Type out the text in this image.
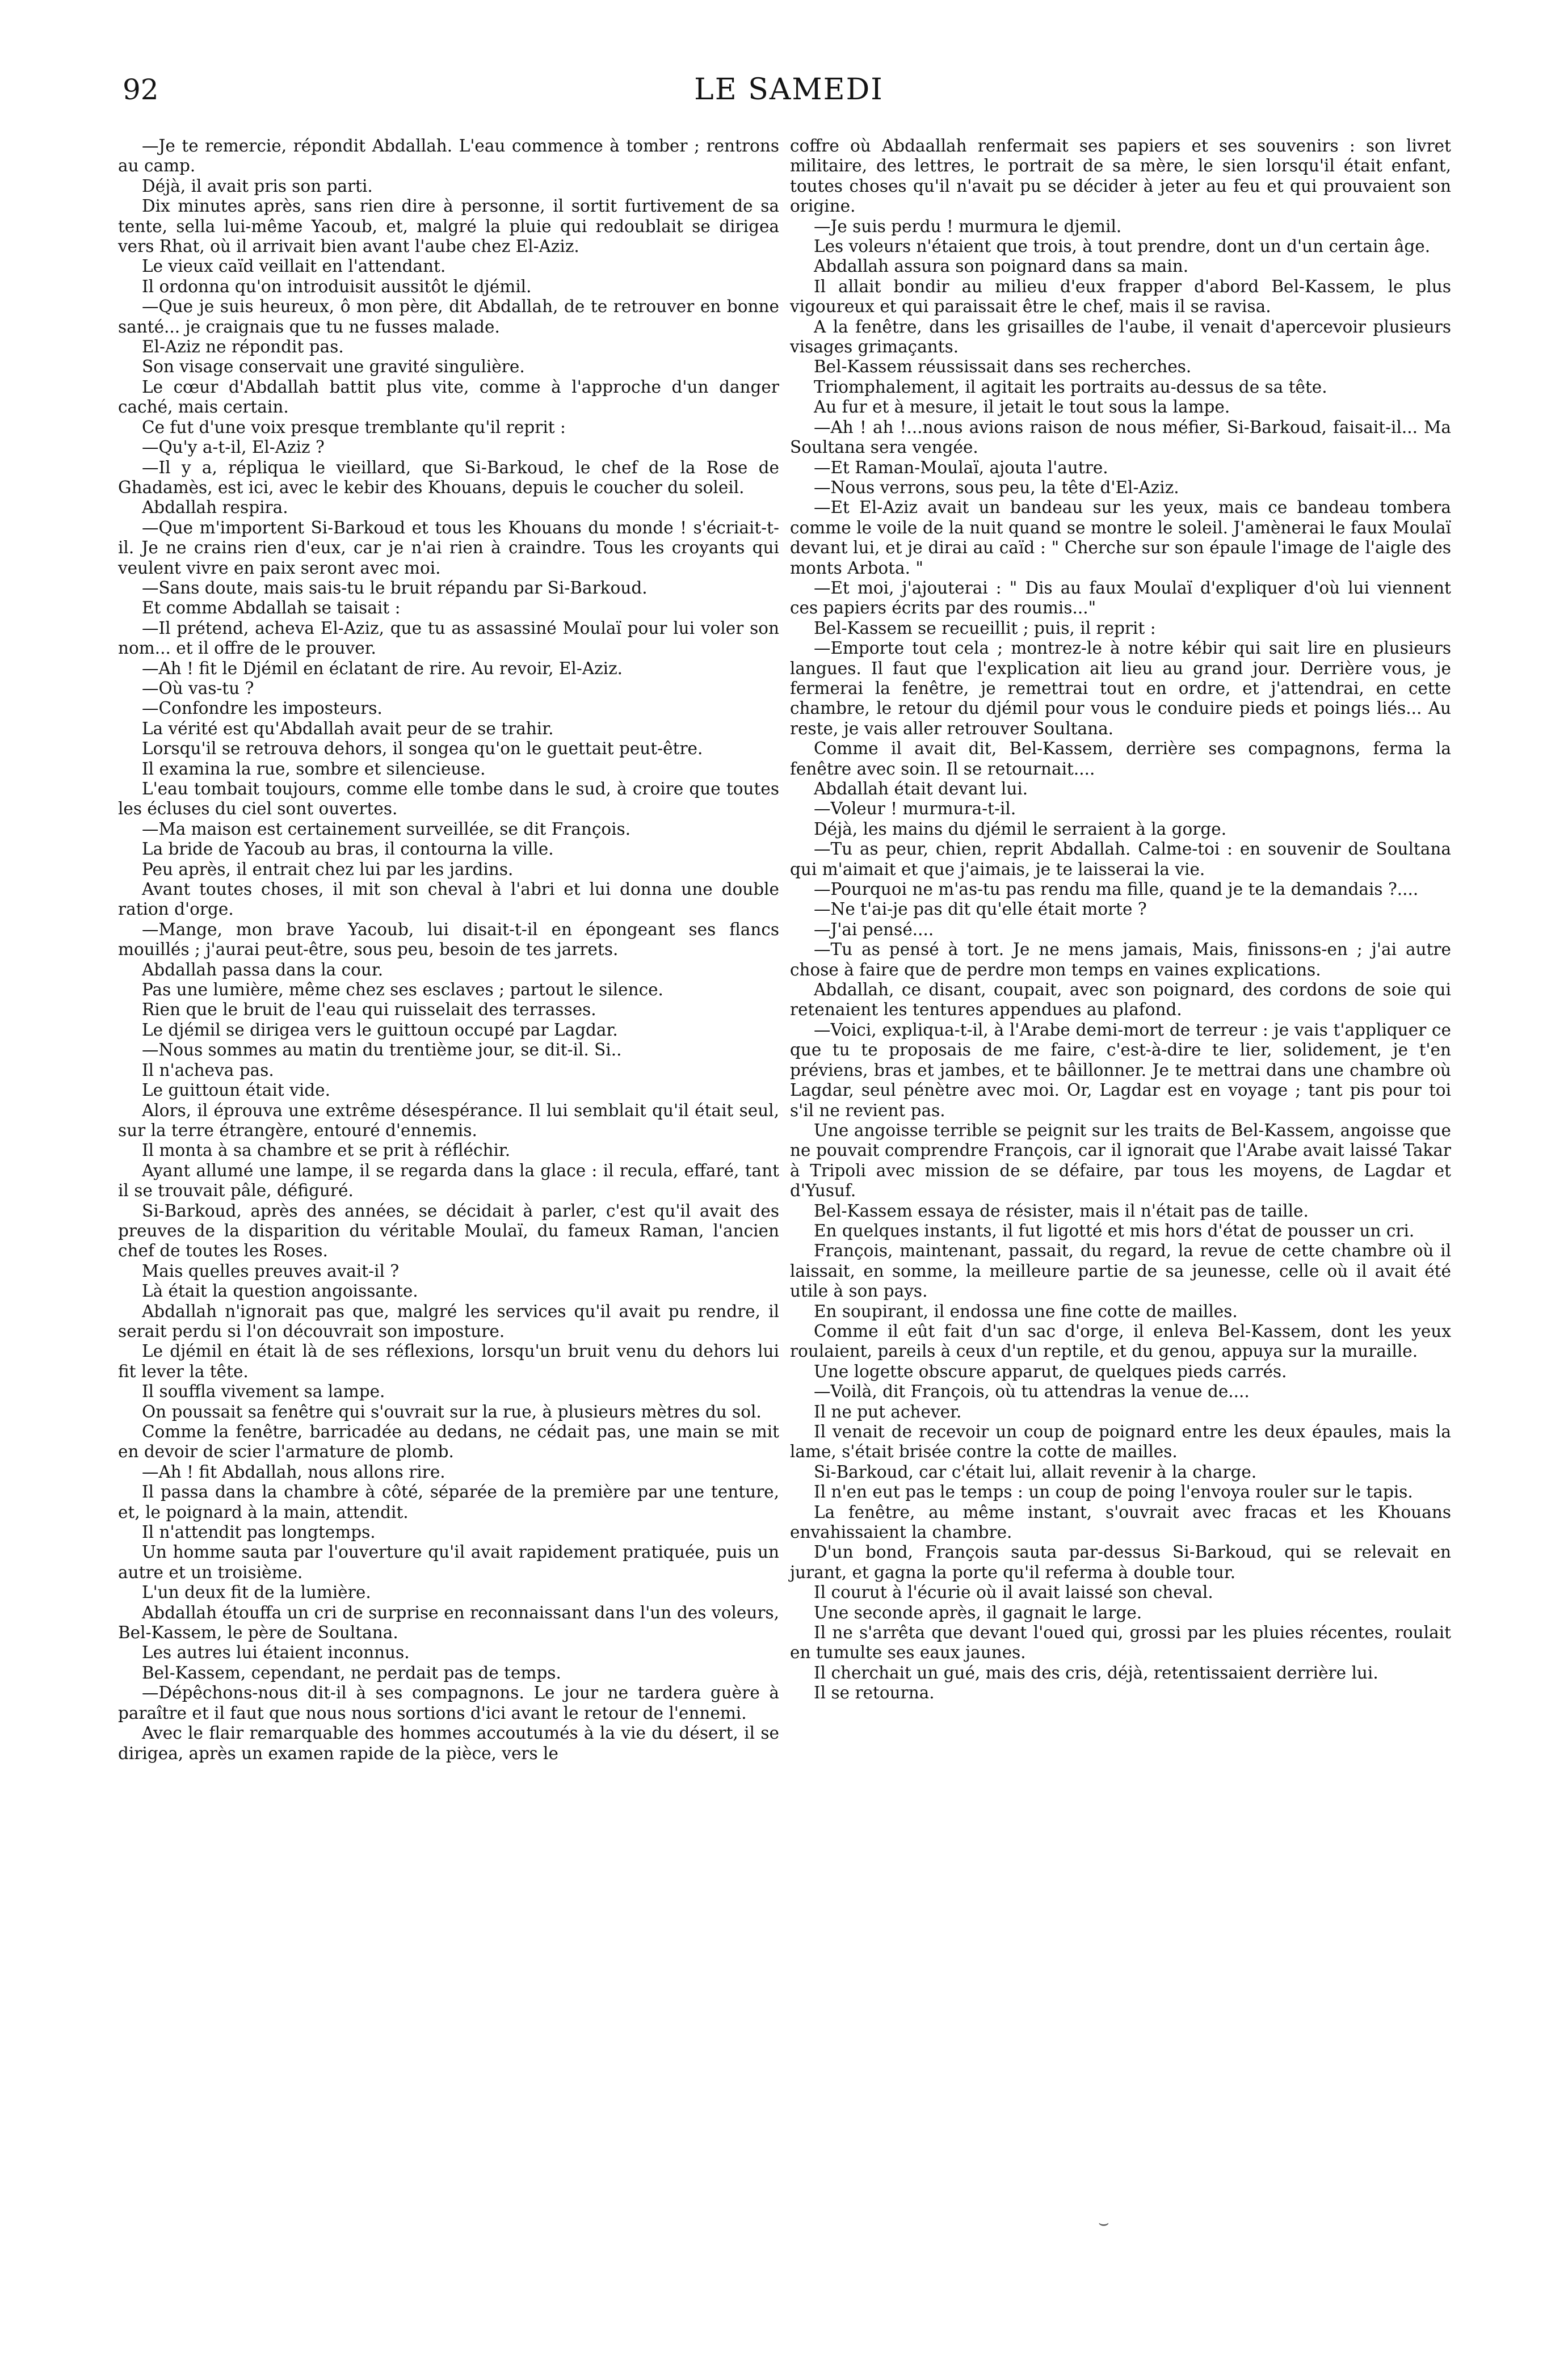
92	LE SAMEDI

—Je te remercie, répondit Abdallah. L'eau commence à tomber ; rentrons au camp.

Déjà, il avait pris son parti.

Dix minutes après, sans rien dire à personne, il sortit furtivement de sa tente, sella lui-même Yacoub, et, malgré la pluie qui redoublait se dirigea vers Rhat, où il arrivait bien avant l'aube chez El-Aziz.

Le vieux caïd veillait en l'attendant.

Il ordonna qu'on introduisit aussitôt le djémil.

—Que je suis heureux, ô mon père, dit Abdallah, de te retrouver en bonne santé... je craignais que tu ne fusses malade.

El-Aziz ne répondit pas.

Son visage conservait une gravité singulière.

Le cœur d'Abdallah battit plus vite, comme à l'approche d'un danger caché, mais certain.

Ce fut d'une voix presque tremblante qu'il reprit :

—Qu'y a-t-il, El-Aziz ?

—Il y a, répliqua le vieillard, que Si-Barkoud, le chef de la Rose de Ghadamès, est ici, avec le kebir des Khouans, depuis le coucher du soleil.

Abdallah respira.

—Que m'importent Si-Barkoud et tous les Khouans du monde ! s'écriait-t-il. Je ne crains rien d'eux, car je n'ai rien à craindre. Tous les croyants qui veulent vivre en paix seront avec moi.

—Sans doute, mais sais-tu le bruit répandu par Si-Barkoud.

Et comme Abdallah se taisait :

—Il prétend, acheva El-Aziz, que tu as assassiné Moulaï pour lui voler son nom... et il offre de le prouver.

—Ah ! fit le Djémil en éclatant de rire. Au revoir, El-Aziz.

—Où vas-tu ?

—Confondre les imposteurs.

La vérité est qu'Abdallah avait peur de se trahir.

Lorsqu'il se retrouva dehors, il songea qu'on le guettait peut-être.

Il examina la rue, sombre et silencieuse.

L'eau tombait toujours, comme elle tombe dans le sud, à croire que toutes les écluses du ciel sont ouvertes.

—Ma maison est certainement surveillée, se dit François.

La bride de Yacoub au bras, il contourna la ville.

Peu après, il entrait chez lui par les jardins.

Avant toutes choses, il mit son cheval à l'abri et lui donna une double ration d'orge.

—Mange, mon brave Yacoub, lui disait-t-il en épongeant ses flancs mouillés ; j'aurai peut-être, sous peu, besoin de tes jarrets.

Abdallah passa dans la cour.

Pas une lumière, même chez ses esclaves ; partout le silence.

Rien que le bruit de l'eau qui ruisselait des terrasses.

Le djémil se dirigea vers le guittoun occupé par Lagdar.

—Nous sommes au matin du trentième jour, se dit-il. Si..

Il n'acheva pas.

Le guittoun était vide.

Alors, il éprouva une extrême désespérance. Il lui semblait qu'il était seul, sur la terre étrangère, entouré d'ennemis.

Il monta à sa chambre et se prit à réfléchir.

Ayant allumé une lampe, il se regarda dans la glace : il recula, effaré, tant il se trouvait pâle, défiguré.

Si-Barkoud, après des années, se décidait à parler, c'est qu'il avait des preuves de la disparition du véritable Moulaï, du fameux Raman, l'ancien chef de toutes les Roses.

Mais quelles preuves avait-il ?

Là était la question angoissante.

Abdallah n'ignorait pas que, malgré les services qu'il avait pu rendre, il serait perdu si l'on découvrait son imposture.

Le djémil en était là de ses réflexions, lorsqu'un bruit venu du dehors lui fit lever la tête.

Il souffla vivement sa lampe.

On poussait sa fenêtre qui s'ouvrait sur la rue, à plusieurs mètres du sol.

Comme la fenêtre, barricadée au dedans, ne cédait pas, une main se mit en devoir de scier l'armature de plomb.

—Ah ! fit Abdallah, nous allons rire.

Il passa dans la chambre à côté, séparée de la première par une tenture, et, le poignard à la main, attendit.

Il n'attendit pas longtemps.

Un homme sauta par l'ouverture qu'il avait rapidement pratiquée, puis un autre et un troisième.

L'un deux fit de la lumière.

Abdallah étouffa un cri de surprise en reconnaissant dans l'un des voleurs, Bel-Kassem, le père de Soultana.

Les autres lui étaient inconnus.

Bel-Kassem, cependant, ne perdait pas de temps.

—Dépêchons-nous dit-il à ses compagnons. Le jour ne tardera guère à paraître et il faut que nous nous sortions d'ici avant le retour de l'ennemi.

Avec le flair remarquable des hommes accoutumés à la vie du désert, il se dirigea, après un examen rapide de la pièce, vers le

coffre où Abdaallah renfermait ses papiers et ses souvenirs : son livret militaire, des lettres, le portrait de sa mère, le sien lorsqu'il était enfant, toutes choses qu'il n'avait pu se décider à jeter au feu et qui prouvaient son origine.

—Je suis perdu ! murmura le djemil.

Les voleurs n'étaient que trois, à tout prendre, dont un d'un certain âge.

Abdallah assura son poignard dans sa main.

Il allait bondir au milieu d'eux frapper d'abord Bel-Kassem, le plus vigoureux et qui paraissait être le chef, mais il se ravisa.

A la fenêtre, dans les grisailles de l'aube, il venait d'apercevoir plusieurs visages grimaçants.

Bel-Kassem réussissait dans ses recherches.

Triomphalement, il agitait les portraits au-dessus de sa tête.

Au fur et à mesure, il jetait le tout sous la lampe.

—Ah ! ah !...nous avions raison de nous méfier, Si-Barkoud, faisait-il... Ma Soultana sera vengée.

—Et Raman-Moulaï, ajouta l'autre.

—Nous verrons, sous peu, la tête d'El-Aziz.

—Et El-Aziz avait un bandeau sur les yeux, mais ce bandeau tombera comme le voile de la nuit quand se montre le soleil. J'amènerai le faux Moulaï devant lui, et je dirai au caïd : " Cherche sur son épaule l'image de l'aigle des monts Arbota. "

—Et moi, j'ajouterai : " Dis au faux Moulaï d'expliquer d'où lui viennent ces papiers écrits par des roumis..."

Bel-Kassem se recueillit ; puis, il reprit :

—Emporte tout cela ; montrez-le à notre kébir qui sait lire en plusieurs langues. Il faut que l'explication ait lieu au grand jour. Derrière vous, je fermerai la fenêtre, je remettrai tout en ordre, et j'attendrai, en cette chambre, le retour du djémil pour vous le conduire pieds et poings liés... Au reste, je vais aller retrouver Soultana.

Comme il avait dit, Bel-Kassem, derrière ses compagnons, ferma la fenêtre avec soin. Il se retournait....

Abdallah était devant lui.

—Voleur ! murmura-t-il.

Déjà, les mains du djémil le serraient à la gorge.

—Tu as peur, chien, reprit Abdallah. Calme-toi : en souvenir de Soultana qui m'aimait et que j'aimais, je te laisserai la vie.

—Pourquoi ne m'as-tu pas rendu ma fille, quand je te la demandais ?....

—Ne t'ai-je pas dit qu'elle était morte ?

—J'ai pensé....

—Tu as pensé à tort. Je ne mens jamais, Mais, finissons-en ; j'ai autre chose à faire que de perdre mon temps en vaines explications.

Abdallah, ce disant, coupait, avec son poignard, des cordons de soie qui retenaient les tentures appendues au plafond.

—Voici, expliqua-t-il, à l'Arabe demi-mort de terreur : je vais t'appliquer ce que tu te proposais de me faire, c'est-à-dire te lier, solidement, je t'en préviens, bras et jambes, et te bâillonner. Je te mettrai dans une chambre où Lagdar, seul pénètre avec moi. Or, Lagdar est en voyage ; tant pis pour toi s'il ne revient pas.

Une angoisse terrible se peignit sur les traits de Bel-Kassem, angoisse que ne pouvait comprendre François, car il ignorait que l'Arabe avait laissé Takar à Tripoli avec mission de se défaire, par tous les moyens, de Lagdar et d'Yusuf.

Bel-Kassem essaya de résister, mais il n'était pas de taille.

En quelques instants, il fut ligotté et mis hors d'état de pousser un cri.

François, maintenant, passait, du regard, la revue de cette chambre où il laissait, en somme, la meilleure partie de sa jeunesse, celle où il avait été utile à son pays.

En soupirant, il endossa une fine cotte de mailles.

Comme il eût fait d'un sac d'orge, il enleva Bel-Kassem, dont les yeux roulaient, pareils à ceux d'un reptile, et du genou, appuya sur la muraille.

Une logette obscure apparut, de quelques pieds carrés.

—Voilà, dit François, où tu attendras la venue de....

Il ne put achever.

Il venait de recevoir un coup de poignard entre les deux épaules, mais la lame, s'était brisée contre la cotte de mailles.

Si-Barkoud, car c'était lui, allait revenir à la charge.

Il n'en eut pas le temps : un coup de poing l'envoya rouler sur le tapis.

La fenêtre, au même instant, s'ouvrait avec fracas et les Khouans envahissaient la chambre.

D'un bond, François sauta par-dessus Si-Barkoud, qui se relevait en jurant, et gagna la porte qu'il referma à double tour.

Il courut à l'écurie où il avait laissé son cheval.

Une seconde après, il gagnait le large.

Il ne s'arrêta que devant l'oued qui, grossi par les pluies récentes, roulait en tumulte ses eaux jaunes.

Il cherchait un gué, mais des cris, déjà, retentissaient derrière lui.

Il se retourna.

⌣
